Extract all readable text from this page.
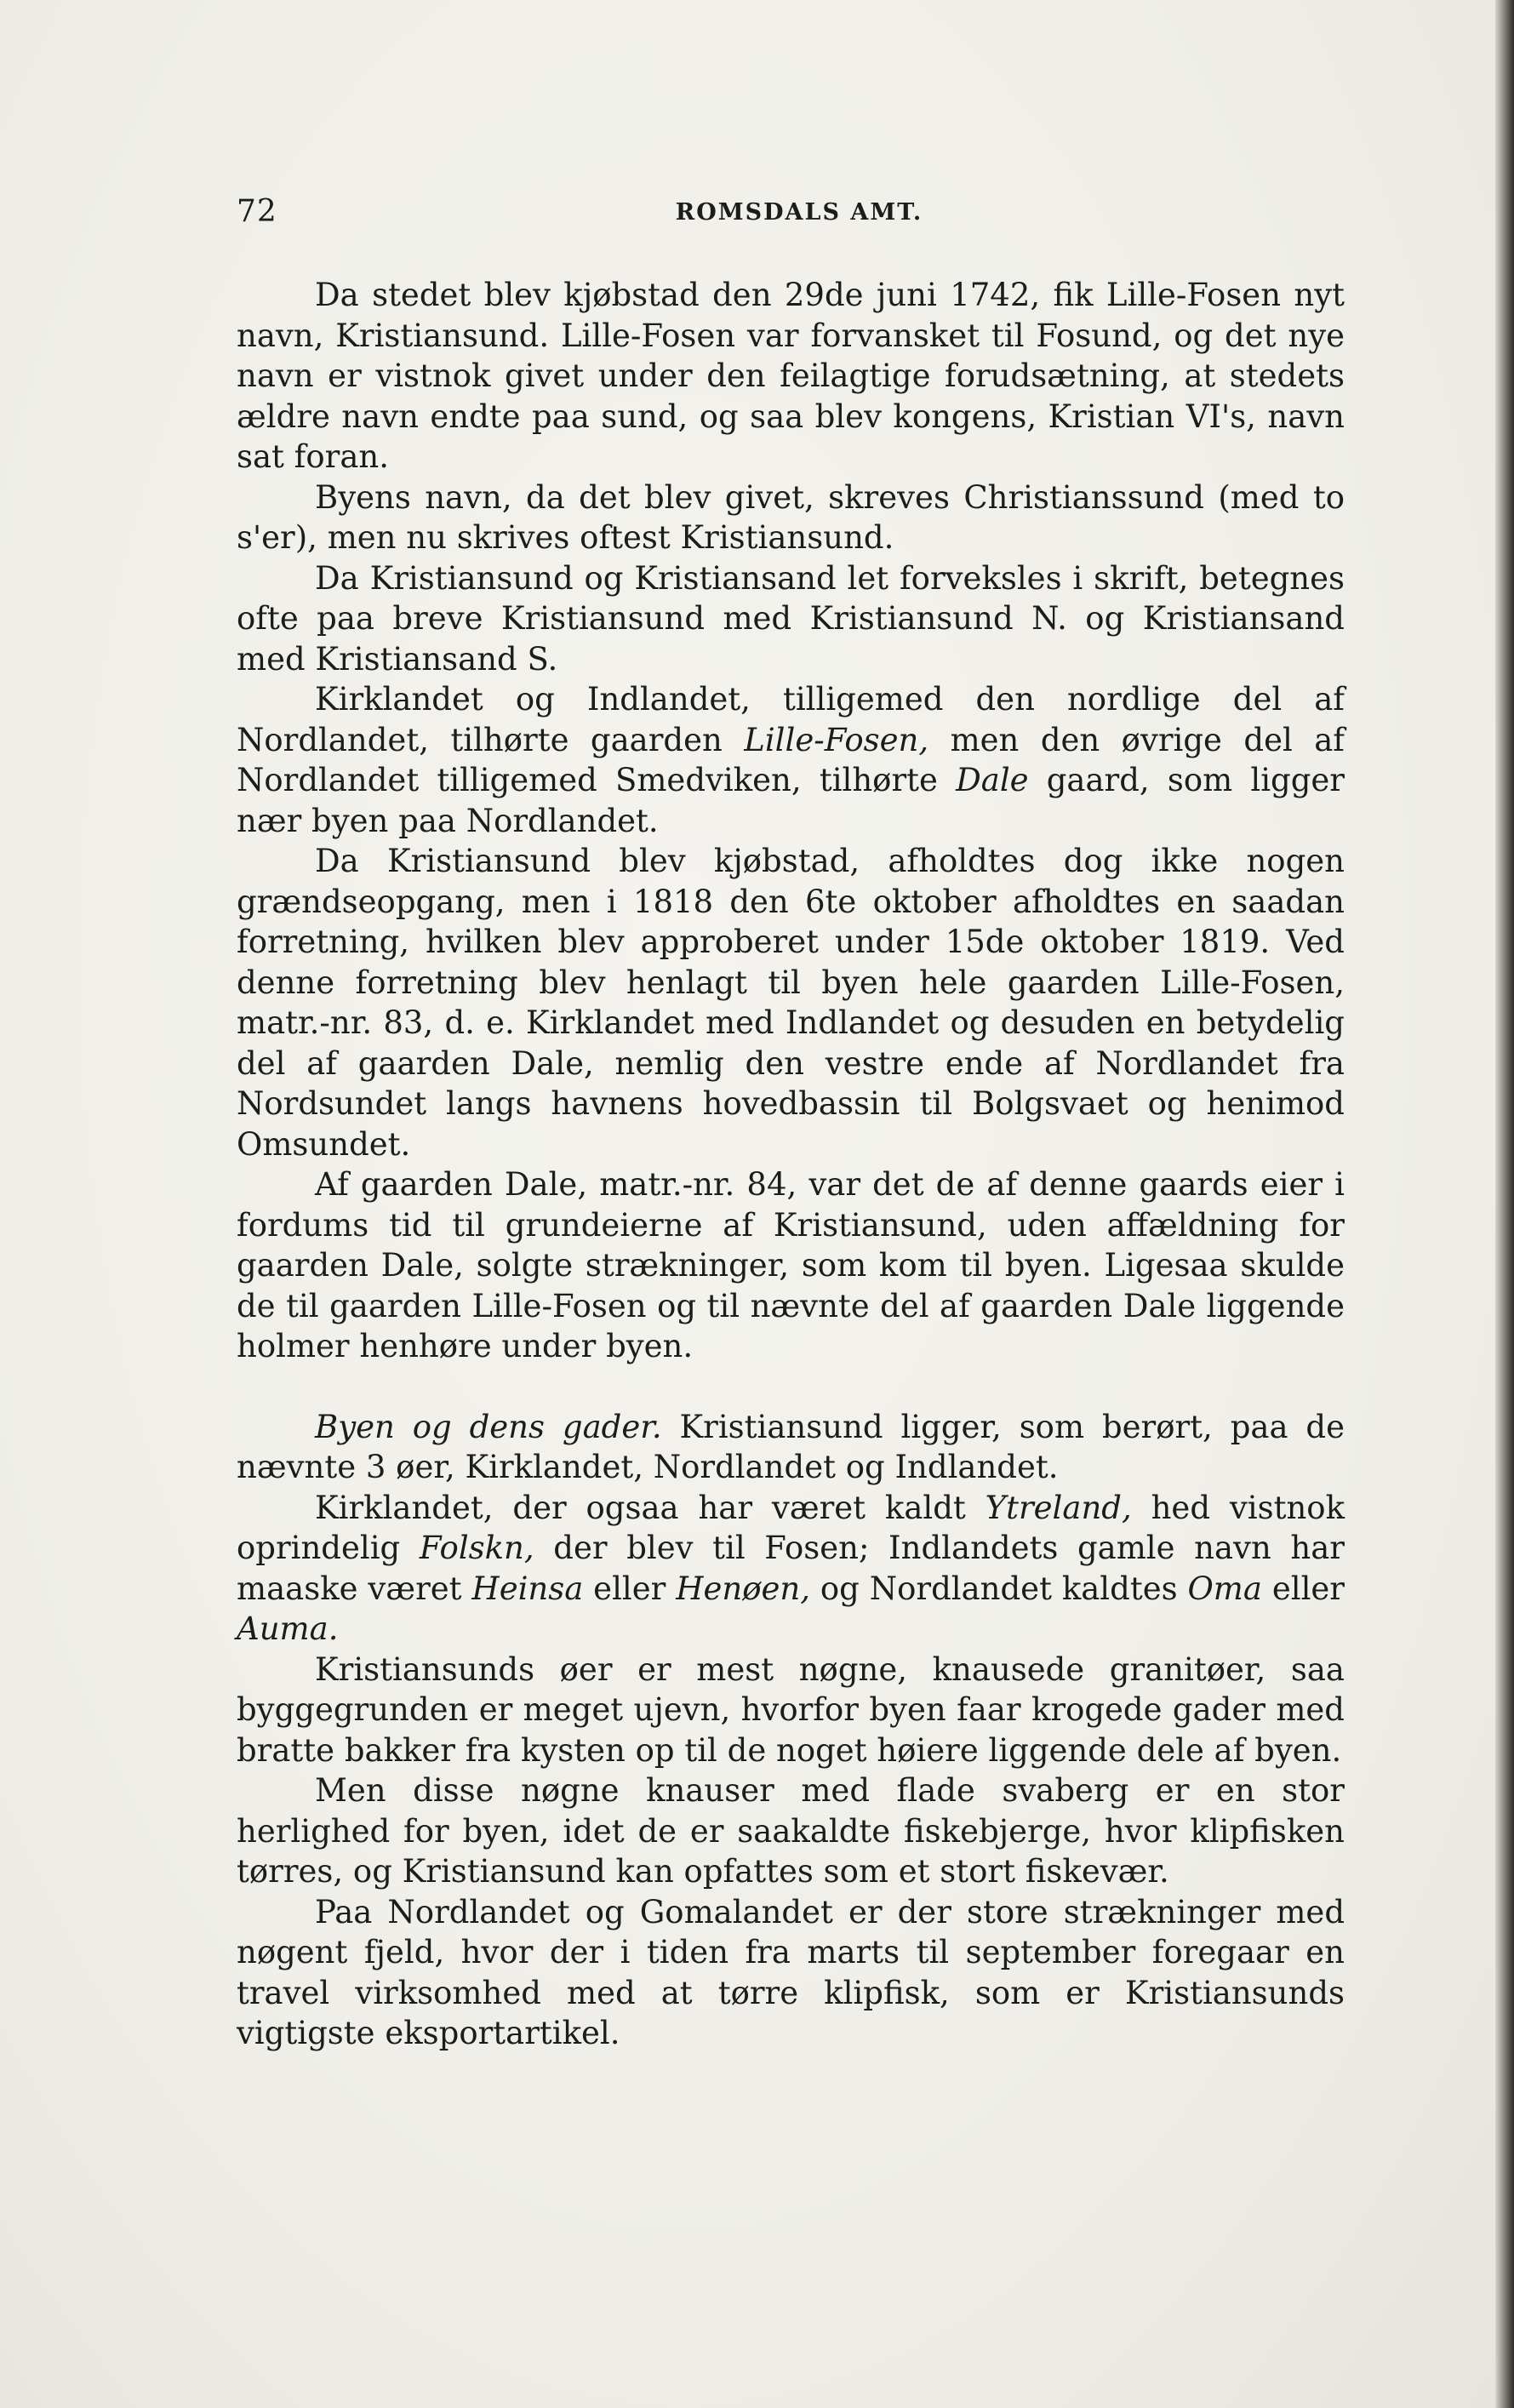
72	ROMSDALS AMT.

Da stedet blev kjøbstad den 29de juni 1742, fik Lille-Fosen nyt navn, Kristiansund. Lille-Fosen var forvansket til Fosund, og det nye navn er vistnok givet under den feilagtige forudsætning, at stedets ældre navn endte paa sund, og saa blev kongens, Kristian VI's, navn sat foran.

Byens navn, da det blev givet, skreves Christianssund (med to s'er), men nu skrives oftest Kristiansund.

Da Kristiansund og Kristiansand let forveksles i skrift, betegnes ofte paa breve Kristiansund med Kristiansund N. og Kristiansand med Kristiansand S.

Kirklandet og Indlandet, tilligemed den nordlige del af Nordlandet, tilhørte gaarden Lille-Fosen, men den øvrige del af Nordlandet tilligemed Smedviken, tilhørte Dale gaard, som ligger nær byen paa Nordlandet.

Da Kristiansund blev kjøbstad, afholdtes dog ikke nogen grændseopgang, men i 1818 den 6te oktober afholdtes en saadan forretning, hvilken blev approberet under 15de oktober 1819. Ved denne forretning blev henlagt til byen hele gaarden Lille-Fosen, matr.-nr. 83, d. e. Kirklandet med Indlandet og desuden en betydelig del af gaarden Dale, nemlig den vestre ende af Nordlandet fra Nordsundet langs havnens hovedbassin til Bolgsvaet og henimod Omsundet.

Af gaarden Dale, matr.-nr. 84, var det de af denne gaards eier i fordums tid til grundeierne af Kristiansund, uden affældning for gaarden Dale, solgte strækninger, som kom til byen. Ligesaa skulde de til gaarden Lille-Fosen og til nævnte del af gaarden Dale liggende holmer henhøre under byen.

Byen og dens gader. Kristiansund ligger, som berørt, paa de nævnte 3 øer, Kirklandet, Nordlandet og Indlandet.

Kirklandet, der ogsaa har været kaldt Ytreland, hed vistnok oprindelig Folskn, der blev til Fosen; Indlandets gamle navn har maaske været Heinsa eller Henøen, og Nordlandet kaldtes Oma eller Auma.

Kristiansunds øer er mest nøgne, knausede granitøer, saa byggegrunden er meget ujevn, hvorfor byen faar krogede gader med bratte bakker fra kysten op til de noget høiere liggende dele af byen.

Men disse nøgne knauser med flade svaberg er en stor herlighed for byen, idet de er saakaldte fiskebjerge, hvor klipfisken tørres, og Kristiansund kan opfattes som et stort fiskevær.

Paa Nordlandet og Gomalandet er der store strækninger med nøgent fjeld, hvor der i tiden fra marts til september foregaar en travel virksomhed med at tørre klipfisk, som er Kristiansunds vigtigste eksportartikel.
